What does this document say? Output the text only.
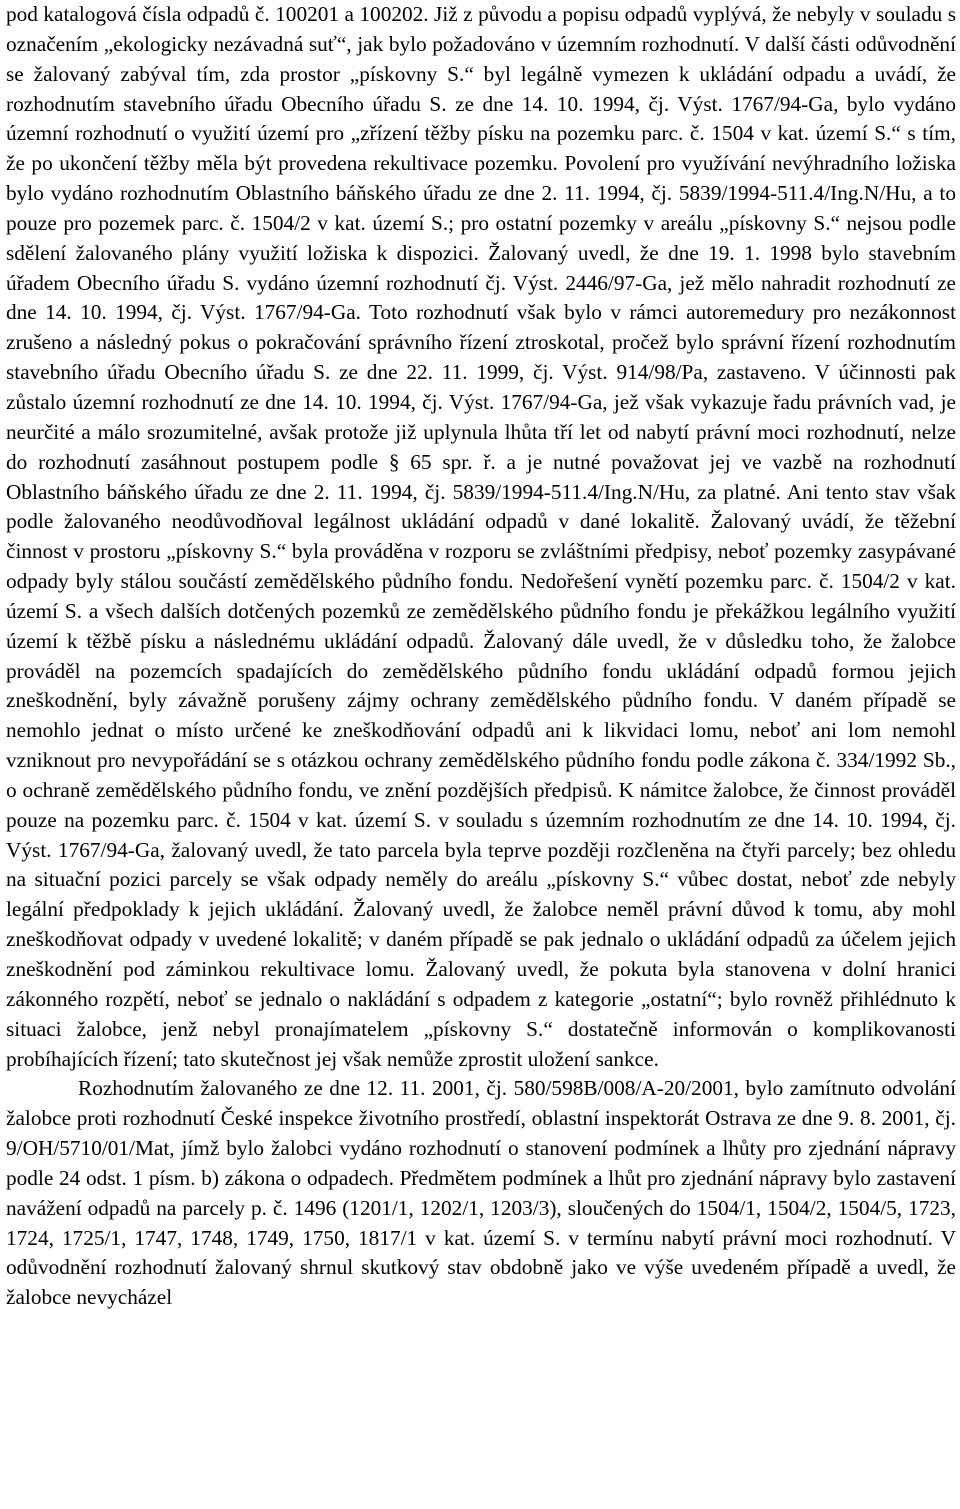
pod katalogová čísla odpadů č. 100201 a 100202. Již z původu a popisu odpadů vyplývá, že nebyly v souladu s označením „ekologicky nezávadná suť“, jak bylo požadováno v územním rozhodnutí. V další části odůvodnění se žalovaný zabýval tím, zda prostor „pískovny S.“ byl legálně vymezen k ukládání odpadu a uvádí, že rozhodnutím stavebního úřadu Obecního úřadu S. ze dne 14. 10. 1994, čj. Výst. 1767/94-Ga, bylo vydáno územní rozhodnutí o využití území pro „zřízení těžby písku na pozemku parc. č. 1504 v kat. území S.“ s tím, že po ukončení těžby měla být provedena rekultivace pozemku. Povolení pro využívání nevýhradního ložiska bylo vydáno rozhodnutím Oblastního báňského úřadu ze dne 2. 11. 1994, čj. 5839/1994-511.4/Ing.N/Hu, a to pouze pro pozemek parc. č. 1504/2 v kat. území S.; pro ostatní pozemky v areálu „pískovny S.“ nejsou podle sdělení žalovaného plány využití ložiska k dispozici. Žalovaný uvedl, že dne 19. 1. 1998 bylo stavebním úřadem Obecního úřadu S. vydáno územní rozhodnutí čj. Výst. 2446/97-Ga, jež mělo nahradit rozhodnutí ze dne 14. 10. 1994, čj. Výst. 1767/94-Ga. Toto rozhodnutí však bylo v rámci autoremedury pro nezákonnost zrušeno a následný pokus o pokračování správního řízení ztroskotal, pročež bylo správní řízení rozhodnutím stavebního úřadu Obecního úřadu S. ze dne 22. 11. 1999, čj. Výst. 914/98/Pa, zastaveno. V účinnosti pak zůstalo územní rozhodnutí ze dne 14. 10. 1994, čj. Výst. 1767/94-Ga, jež však vykazuje řadu právních vad, je neurčité a málo srozumitelné, avšak protože již uplynula lhůta tří let od nabytí právní moci rozhodnutí, nelze do rozhodnutí zasáhnout postupem podle § 65 spr. ř. a je nutné považovat jej ve vazbě na rozhodnutí Oblastního báňského úřadu ze dne 2. 11. 1994, čj. 5839/1994-511.4/Ing.N/Hu, za platné. Ani tento stav však podle žalovaného neodůvodňoval legálnost ukládání odpadů v dané lokalitě. Žalovaný uvádí, že těžební činnost v prostoru „pískovny S.“ byla prováděna v rozporu se zvláštními předpisy, neboť pozemky zasypávané odpady byly stálou součástí zemědělského půdního fondu. Nedořešení vynětí pozemku parc. č. 1504/2 v kat. území S. a všech dalších dotčených pozemků ze zemědělského půdního fondu je překážkou legálního využití území k těžbě písku a následnému ukládání odpadů. Žalovaný dále uvedl, že v důsledku toho, že žalobce prováděl na pozemcích spadajících do zemědělského půdního fondu ukládání odpadů formou jejich zneškodnění, byly závažně porušeny zájmy ochrany zemědělského půdního fondu. V daném případě se nemohlo jednat o místo určené ke zneškodňování odpadů ani k likvidaci lomu, neboť ani lom nemohl vzniknout pro nevypořádání se s otázkou ochrany zemědělského půdního fondu podle zákona č. 334/1992 Sb., o ochraně zemědělského půdního fondu, ve znění pozdějších předpisů. K námitce žalobce, že činnost prováděl pouze na pozemku parc. č. 1504 v kat. území S. v souladu s územním rozhodnutím ze dne 14. 10. 1994, čj. Výst. 1767/94-Ga, žalovaný uvedl, že tato parcela byla teprve později rozčleněna na čtyři parcely; bez ohledu na situační pozici parcely se však odpady neměly do areálu „pískovny S.“ vůbec dostat, neboť zde nebyly legální předpoklady k jejich ukládání. Žalovaný uvedl, že žalobce neměl právní důvod k tomu, aby mohl zneškodňovat odpady v uvedené lokalitě; v daném případě se pak jednalo o ukládání odpadů za účelem jejich zneškodnění pod záminkou rekultivace lomu. Žalovaný uvedl, že pokuta byla stanovena v dolní hranici zákonného rozpětí, neboť se jednalo o nakládání s odpadem z kategorie „ostatní“; bylo rovněž přihlédnuto k situaci žalobce, jenž nebyl pronajímatelem „pískovny S.“ dostatečně informován o komplikovanosti probíhajících řízení; tato skutečnost jej však nemůže zprostit uložení sankce.

Rozhodnutím žalovaného ze dne 12. 11. 2001, čj. 580/598B/008/A-20/2001, bylo zamítnuto odvolání žalobce proti rozhodnutí České inspekce životního prostředí, oblastní inspektorát Ostrava ze dne 9. 8. 2001, čj. 9/OH/5710/01/Mat, jímž bylo žalobci vydáno rozhodnutí o stanovení podmínek a lhůty pro zjednání nápravy podle 24 odst. 1 písm. b) zákona o odpadech. Předmětem podmínek a lhůt pro zjednání nápravy bylo zastavení navážení odpadů na parcely p. č. 1496 (1201/1, 1202/1, 1203/3), sloučených do 1504/1, 1504/2, 1504/5, 1723, 1724, 1725/1, 1747, 1748, 1749, 1750, 1817/1 v kat. území S. v termínu nabytí právní moci rozhodnutí. V odůvodnění rozhodnutí žalovaný shrnul skutkový stav obdobně jako ve výše uvedeném případě a uvedl, že žalobce nevycházel
